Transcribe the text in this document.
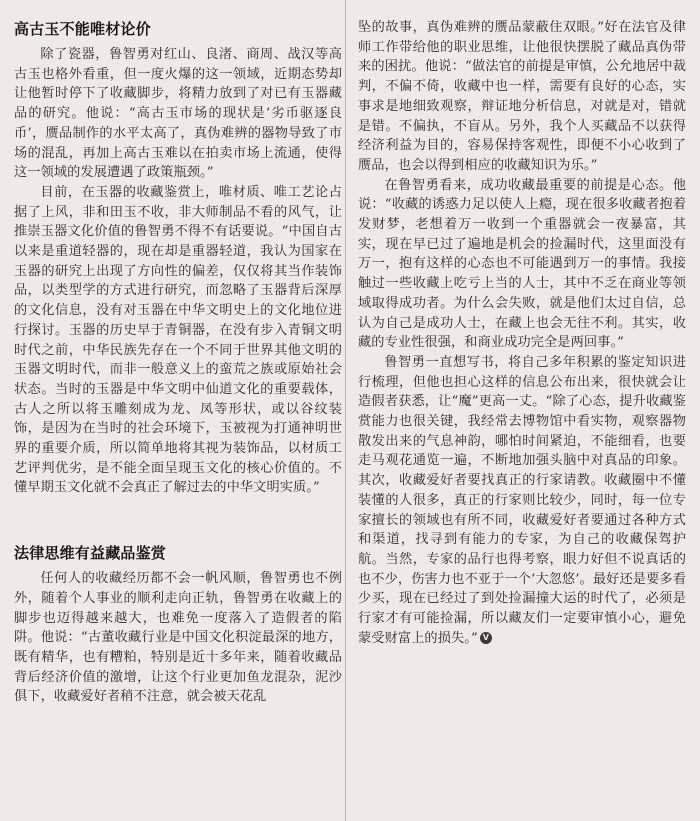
高古玉不能唯材论价

除了瓷器，鲁智勇对红山、良渚、商周、战汉等高古玉也格外看重，但一度火爆的这一领域，近期态势却让他暂时停下了收藏脚步，将精力放到了对已有玉器藏品的研究。他说：“高古玉市场的现状是‘劣币驱逐良币’，赝品制作的水平太高了，真伪难辨的器物导致了市场的混乱，再加上高古玉难以在拍卖市场上流通，使得这一领域的发展遭遇了政策瓶颈。”

目前，在玉器的收藏鉴赏上，唯材质、唯工艺论占据了上风，非和田玉不收，非大师制品不看的风气，让推崇玉器文化价值的鲁智勇不得不有话要说。“中国自古以来是重道轻器的，现在却是重器轻道，我认为国家在玉器的研究上出现了方向性的偏差，仅仅将其当作装饰品，以类型学的方式进行研究，而忽略了玉器背后深厚的文化信息，没有对玉器在中华文明史上的文化地位进行探讨。玉器的历史早于青铜器，在没有步入青铜文明时代之前，中华民族先存在一个不同于世界其他文明的玉器文明时代，而非一般意义上的蛮荒之族或原始社会状态。当时的玉器是中华文明中仙道文化的重要载体，古人之所以将玉雕刻成为龙、凤等形状，或以谷纹装饰，是因为在当时的社会环境下，玉被视为打通神明世界的重要介质，所以简单地将其视为装饰品，以材质工艺评判优劣，是不能全面呈现玉文化的核心价值的。不懂早期玉文化就不会真正了解过去的中华文明实质。”

法律思维有益藏品鉴赏

任何人的收藏经历都不会一帆风顺，鲁智勇也不例外，随着个人事业的顺利走向正轨，鲁智勇在收藏上的脚步也迈得越来越大，也难免一度落入了造假者的陷阱。他说：“古董收藏行业是中国文化积淀最深的地方，既有精华，也有糟粕，特别是近十多年来，随着收藏品背后经济价值的激增，让这个行业更加鱼龙混杂，泥沙俱下，收藏爱好者稍不注意，就会被天花乱

坠的故事，真伪难辨的赝品蒙蔽住双眼。”好在法官及律师工作带给他的职业思维，让他很快摆脱了藏品真伪带来的困扰。他说：“做法官的前提是审慎，公允地居中裁判，不偏不倚，收藏中也一样，需要有良好的心态，实事求是地细致观察，辩证地分析信息，对就是对，错就是错。不偏执，不盲从。另外，我个人买藏品不以获得经济利益为目的，容易保持客观性，即便不小心收到了赝品，也会以得到相应的收藏知识为乐。”

在鲁智勇看来，成功收藏最重要的前提是心态。他说：“收藏的诱惑力足以使人上瘾，现在很多收藏者抱着发财梦，老想着万一收到一个重器就会一夜暴富，其实，现在早已过了遍地是机会的捡漏时代，这里面没有万一，抱有这样的心态也不可能遇到万一的事情。我接触过一些收藏上吃亏上当的人士，其中不乏在商业等领域取得成功者。为什么会失败，就是他们太过自信，总认为自己是成功人士，在藏上也会无往不利。其实，收藏的专业性很强，和商业成功完全是两回事。”

鲁智勇一直想写书，将自己多年积累的鉴定知识进行梳理，但他也担心这样的信息公布出来，很快就会让造假者获悉，让“魔”更高一丈。“除了心态，提升收藏鉴赏能力也很关键，我经常去博物馆中看实物，观察器物散发出来的气息神韵，哪怕时间紧迫，不能细看，也要走马观花通览一遍，不断地加强头脑中对真品的印象。其次，收藏爱好者要找真正的行家请教。收藏圈中不懂装懂的人很多，真正的行家则比较少，同时，每一位专家擅长的领域也有所不同，收藏爱好者要通过各种方式和渠道，找寻到有能力的专家，为自己的收藏保驾护航。当然，专家的品行也得考察，眼力好但不说真话的也不少，伤害力也不亚于一个‘大忽悠’。最好还是要多看少买，现在已经过了到处捡漏撞大运的时代了，必须是行家才有可能捡漏，所以藏友们一定要审慎小心，避免蒙受财富上的损失。” V
